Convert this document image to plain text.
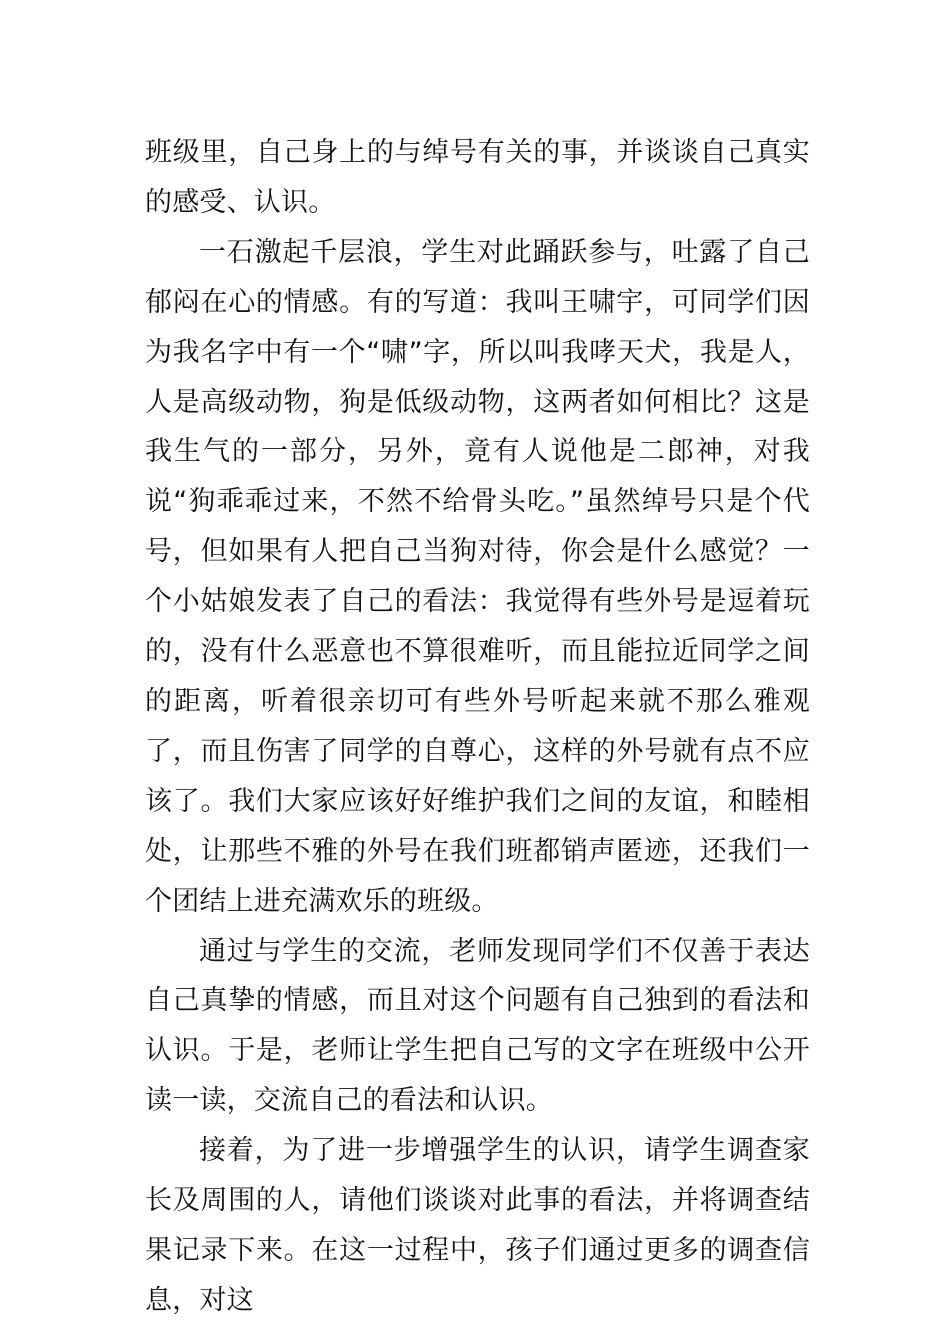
班级里，自己身上的与绰号有关的事，并谈谈自己真实的感受、认识。

一石激起千层浪，学生对此踊跃参与，吐露了自己郁闷在心的情感。有的写道：我叫王啸宇，可同学们因为我名字中有一个“啸”字，所以叫我哮天犬，我是人，人是高级动物，狗是低级动物，这两者如何相比？这是我生气的一部分，另外，竟有人说他是二郎神，对我说“狗乖乖过来，不然不给骨头吃。”虽然绰号只是个代号，但如果有人把自己当狗对待，你会是什么感觉？一个小姑娘发表了自己的看法：我觉得有些外号是逗着玩的，没有什么恶意也不算很难听，而且能拉近同学之间的距离，听着很亲切可有些外号听起来就不那么雅观了，而且伤害了同学的自尊心，这样的外号就有点不应该了。我们大家应该好好维护我们之间的友谊，和睦相处，让那些不雅的外号在我们班都销声匿迹，还我们一个团结上进充满欢乐的班级。

通过与学生的交流，老师发现同学们不仅善于表达自己真挚的情感，而且对这个问题有自己独到的看法和认识。于是，老师让学生把自己写的文字在班级中公开读一读，交流自己的看法和认识。

接着，为了进一步增强学生的认识，请学生调查家长及周围的人，请他们谈谈对此事的看法，并将调查结果记录下来。在这一过程中，孩子们通过更多的调查信息，对这
